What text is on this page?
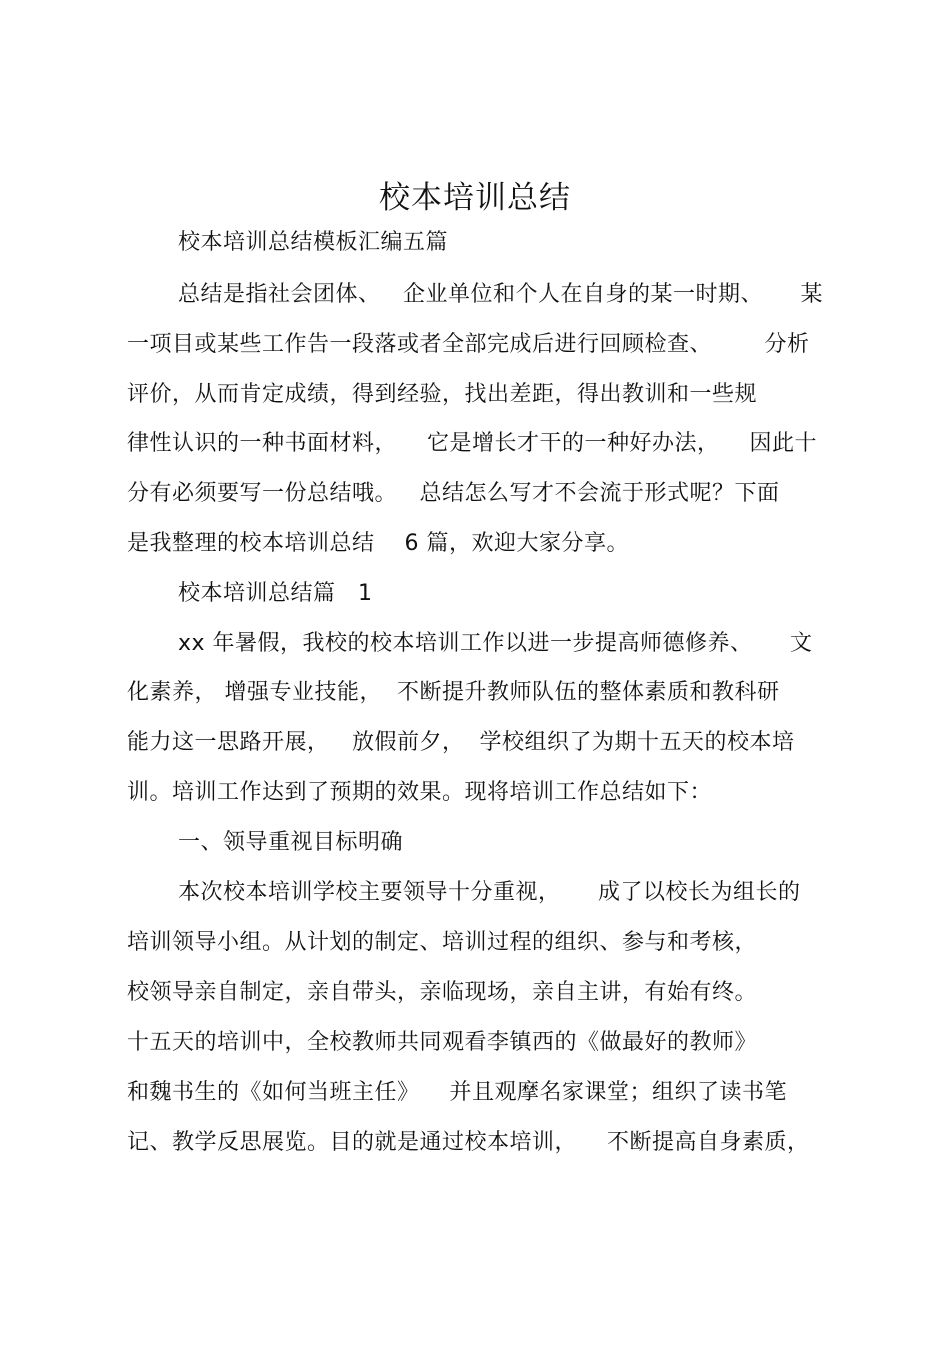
校本培训总结
校本培训总结模板汇编五篇
总结是指社会团体、   企业单位和个人在自身的某一时期、     某
一项目或某些工作告一段落或者全部完成后进行回顾检查、       分析
评价，从而肯定成绩，得到经验，找出差距，得出教训和一些规
律性认识的一种书面材料，    它是增长才干的一种好办法，    因此十
分有必须要写一份总结哦。   总结怎么写才不会流于形式呢？下面
是我整理的校本培训总结    6 篇，欢迎大家分享。
校本培训总结篇   1
xx 年暑假，我校的校本培训工作以进一步提高师德修养、     文
化素养， 增强专业技能，  不断提升教师队伍的整体素质和教科研
能力这一思路开展，   放假前夕，  学校组织了为期十五天的校本培
训。培训工作达到了预期的效果。现将培训工作总结如下：
一、领导重视目标明确
本次校本培训学校主要领导十分重视，     成了以校长为组长的
培训领导小组。从计划的制定、培训过程的组织、参与和考核，
校领导亲自制定，亲自带头，亲临现场，亲自主讲，有始有终。
十五天的培训中，全校教师共同观看李镇西的《做最好的教师》
和魏书生的《如何当班主任》    并且观摩名家课堂；组织了读书笔
记、教学反思展览。目的就是通过校本培训，    不断提高自身素质，
